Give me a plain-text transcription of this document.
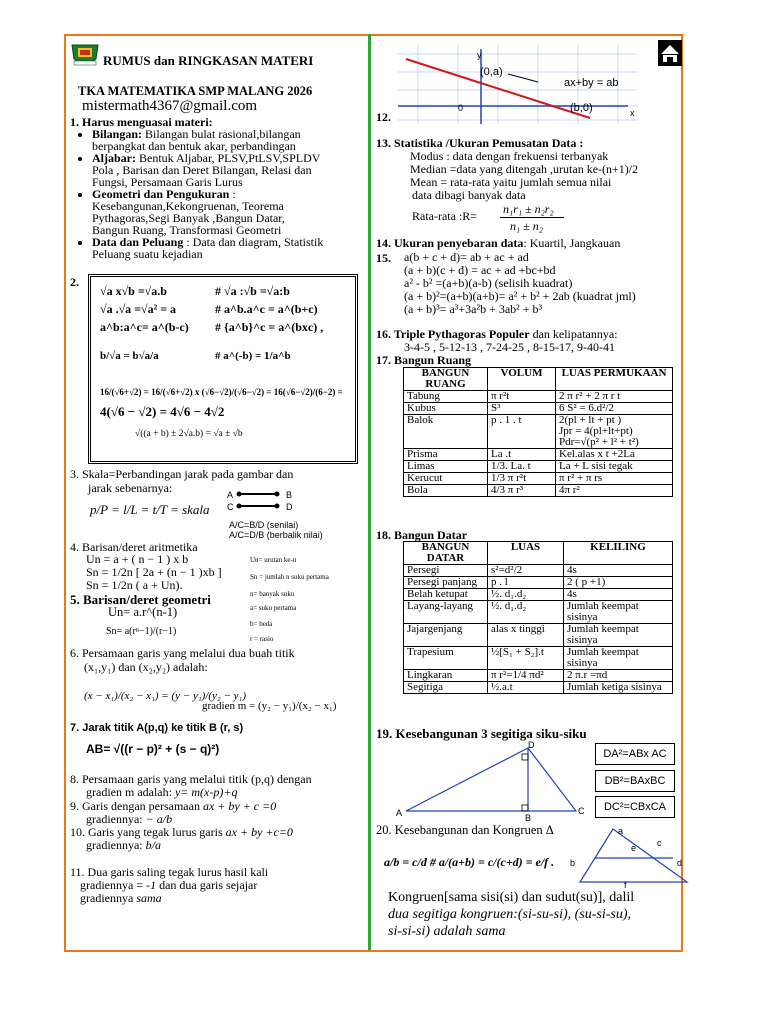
RUMUS dan RINGKASAN MATERI
TKA MATEMATIKA SMP MALANG 2026
mistermath4367@gmail.com
1. Harus menguasai materi:
• Bilangan: Bilangan bulat rasional,bilangan
berpangkat dan bentuk akar, perbandingan
• Aljabar: Bentuk Aljabar, PLSV,PtLSV,SPLDV
Pola , Barisan dan Deret Bilangan, Relasi dan
Fungsi, Persamaan Garis Lurus
• Geometri dan Pengukuran :
Kesebangunan,Kekongruenan, Teorema
Pythagoras,Segi Banyak ,Bangun Datar,
Bangun Ruang, Transformasi Geometri
• Data dan Peluang : Data dan diagram, Statistik
Peluang suatu kejadian
2.
√a x√b =√a.b	# √a :√b =√a:b
√a .√a =√a² = a	# a^b.a^c = a^(b+c)
a^b:a^c= a^(b-c) # {a^b}^c = a^(bxc) ,
b/√a = b√a/a	# a^(-b) = 1/a^b
16/(√6+√2) = 16/(√6+√2) x (√6−√2)/(√6−√2) = 16(√6−√2)/(6−2) =
4(√6 − √2) = 4√6 − 4√2
√((a + b) ± 2√a.b) = √a ± √b
3. Skala=Perbandingan jarak pada gambar dan
jarak sebenarnya:
p/P = l/L = t/T = skala
A	B
C	D
A/C=B/D (senilai)
A/C=D/B (berbalik nilai)
4. Barisan/deret aritmetika
Un = a + ( n − 1 ) x b
Sn = 1/2n [ 2a + (n − 1 )xb ]
Sn = 1/2n ( a + Un).
Un= urutan ke-n
Sn = jumlah n suku pertama
n= banyak suku
5. Barisan/deret geometri
Un= a.r^(n-1)
Sn= a(rⁿ−1)/(r−1)
a= suku pertama
b= beda
r = rasio
6. Persamaan garis yang melalui dua buah titik
(x₁,y₁) dan (x₂,y₂) adalah:
(x − x₁)/(x₂ − x₁) = (y − y₁)/(y₂ − y₁)
gradien m = (y₂ − y₁)/(x₂ − x₁)
7. Jarak titik A(p,q) ke titik B (r, s)
AB= √((r − p)² + (s − q)²)
8. Persamaan garis yang melalui titik (p,q) dengan
gradien m adalah: y= m(x-p)+q
9. Garis dengan persamaan ax + by + c =0
gradiennya: − a/b
10. Garis yang tegak lurus garis ax + by +c=0
gradiennya: b/a
11. Dua garis saling tegak lurus hasil kali
gradiennya = -1 dan dua garis sejajar
gradiennya sama
12.
(0,a)
(b,0)
ax+by = ab
0
y
x
13. Statistika /Ukuran Pemusatan Data :
Modus : data dengan frekuensi terbanyak
Median =data yang ditengah ,urutan ke-(n+1)/2
Mean = rata-rata yaitu jumlah semua nilai
data dibagi banyak data
Rata-rata :R= n₁r₁ ± n₂r₂
n₁ ± n₂
14. Ukuran penyebaran data: Kuartil, Jangkauan
15. a(b + c + d)= ab + ac + ad
(a + b)(c + d) = ac + ad +bc+bd
a² - b² =(a+b)(a-b) (selisih kuadrat)
(a + b)²=(a+b)(a+b)= a² + b² + 2ab (kuadrat jml)
(a + b)³= a³+3a²b + 3ab² + b³
16. Triple Pythagoras Populer dan kelipatannya:
3-4-5 , 5-12-13 , 7-24-25 , 8-15-17, 9-40-41
17. Bangun Ruang
BANGUN RUANG	VOLUM	LUAS PERMUKAAN
Tabung	π r²t	2 π r² + 2 π r t
Kubus	S³	6 S² = 6.d²/2
Balok	p . 1 . t	2(pl + lt + pt )
Jpr = 4(pl+lt+pt)
Pdr=√(p² + l² + t²)

Prisma	La .t	Kel.alas x t +2La
Limas	1/3. La. t	La + L sisi tegak
Kerucut	1/3 π r²t	π r² + π rs
Bola	4/3 π r³	4π r²
18. Bangun Datar
BANGUN DATAR	LUAS	KELILING
Persegi	s²=d²/2	4s
Persegi panjang	p . l	2 ( p +1)
Belah ketupat	½. d₁.d₂	4s
Layang-layang	½. d₁.d₂	Jumlah keempat sisinya
Jajargenjang	alas x tinggi	Jumlah keempat sisinya
Trapesium	½[S₁ + S₂].t	Jumlah keempat sisinya
Lingkaran	π r²=1/4 πd²	2 π.r =πd
Segitiga	½.a.t	Jumlah ketiga sisinya
19. Kesebangunan 3 segitiga siku-siku
A	B
C
D
DA²=ABx AC
DB²=BAxBC
DC²=CBxCA
20. Kesebangunan dan Kongruen Δ
a/b = c/d # a/(a+b) = c/(c+d) = e/f .
a
b
c
d
e
f
Kongruen[sama sisi(si) dan sudut(su)], dalil
dua segitiga kongruen:(si-su-si), (su-si-su),
si-si-si) adalah sama
